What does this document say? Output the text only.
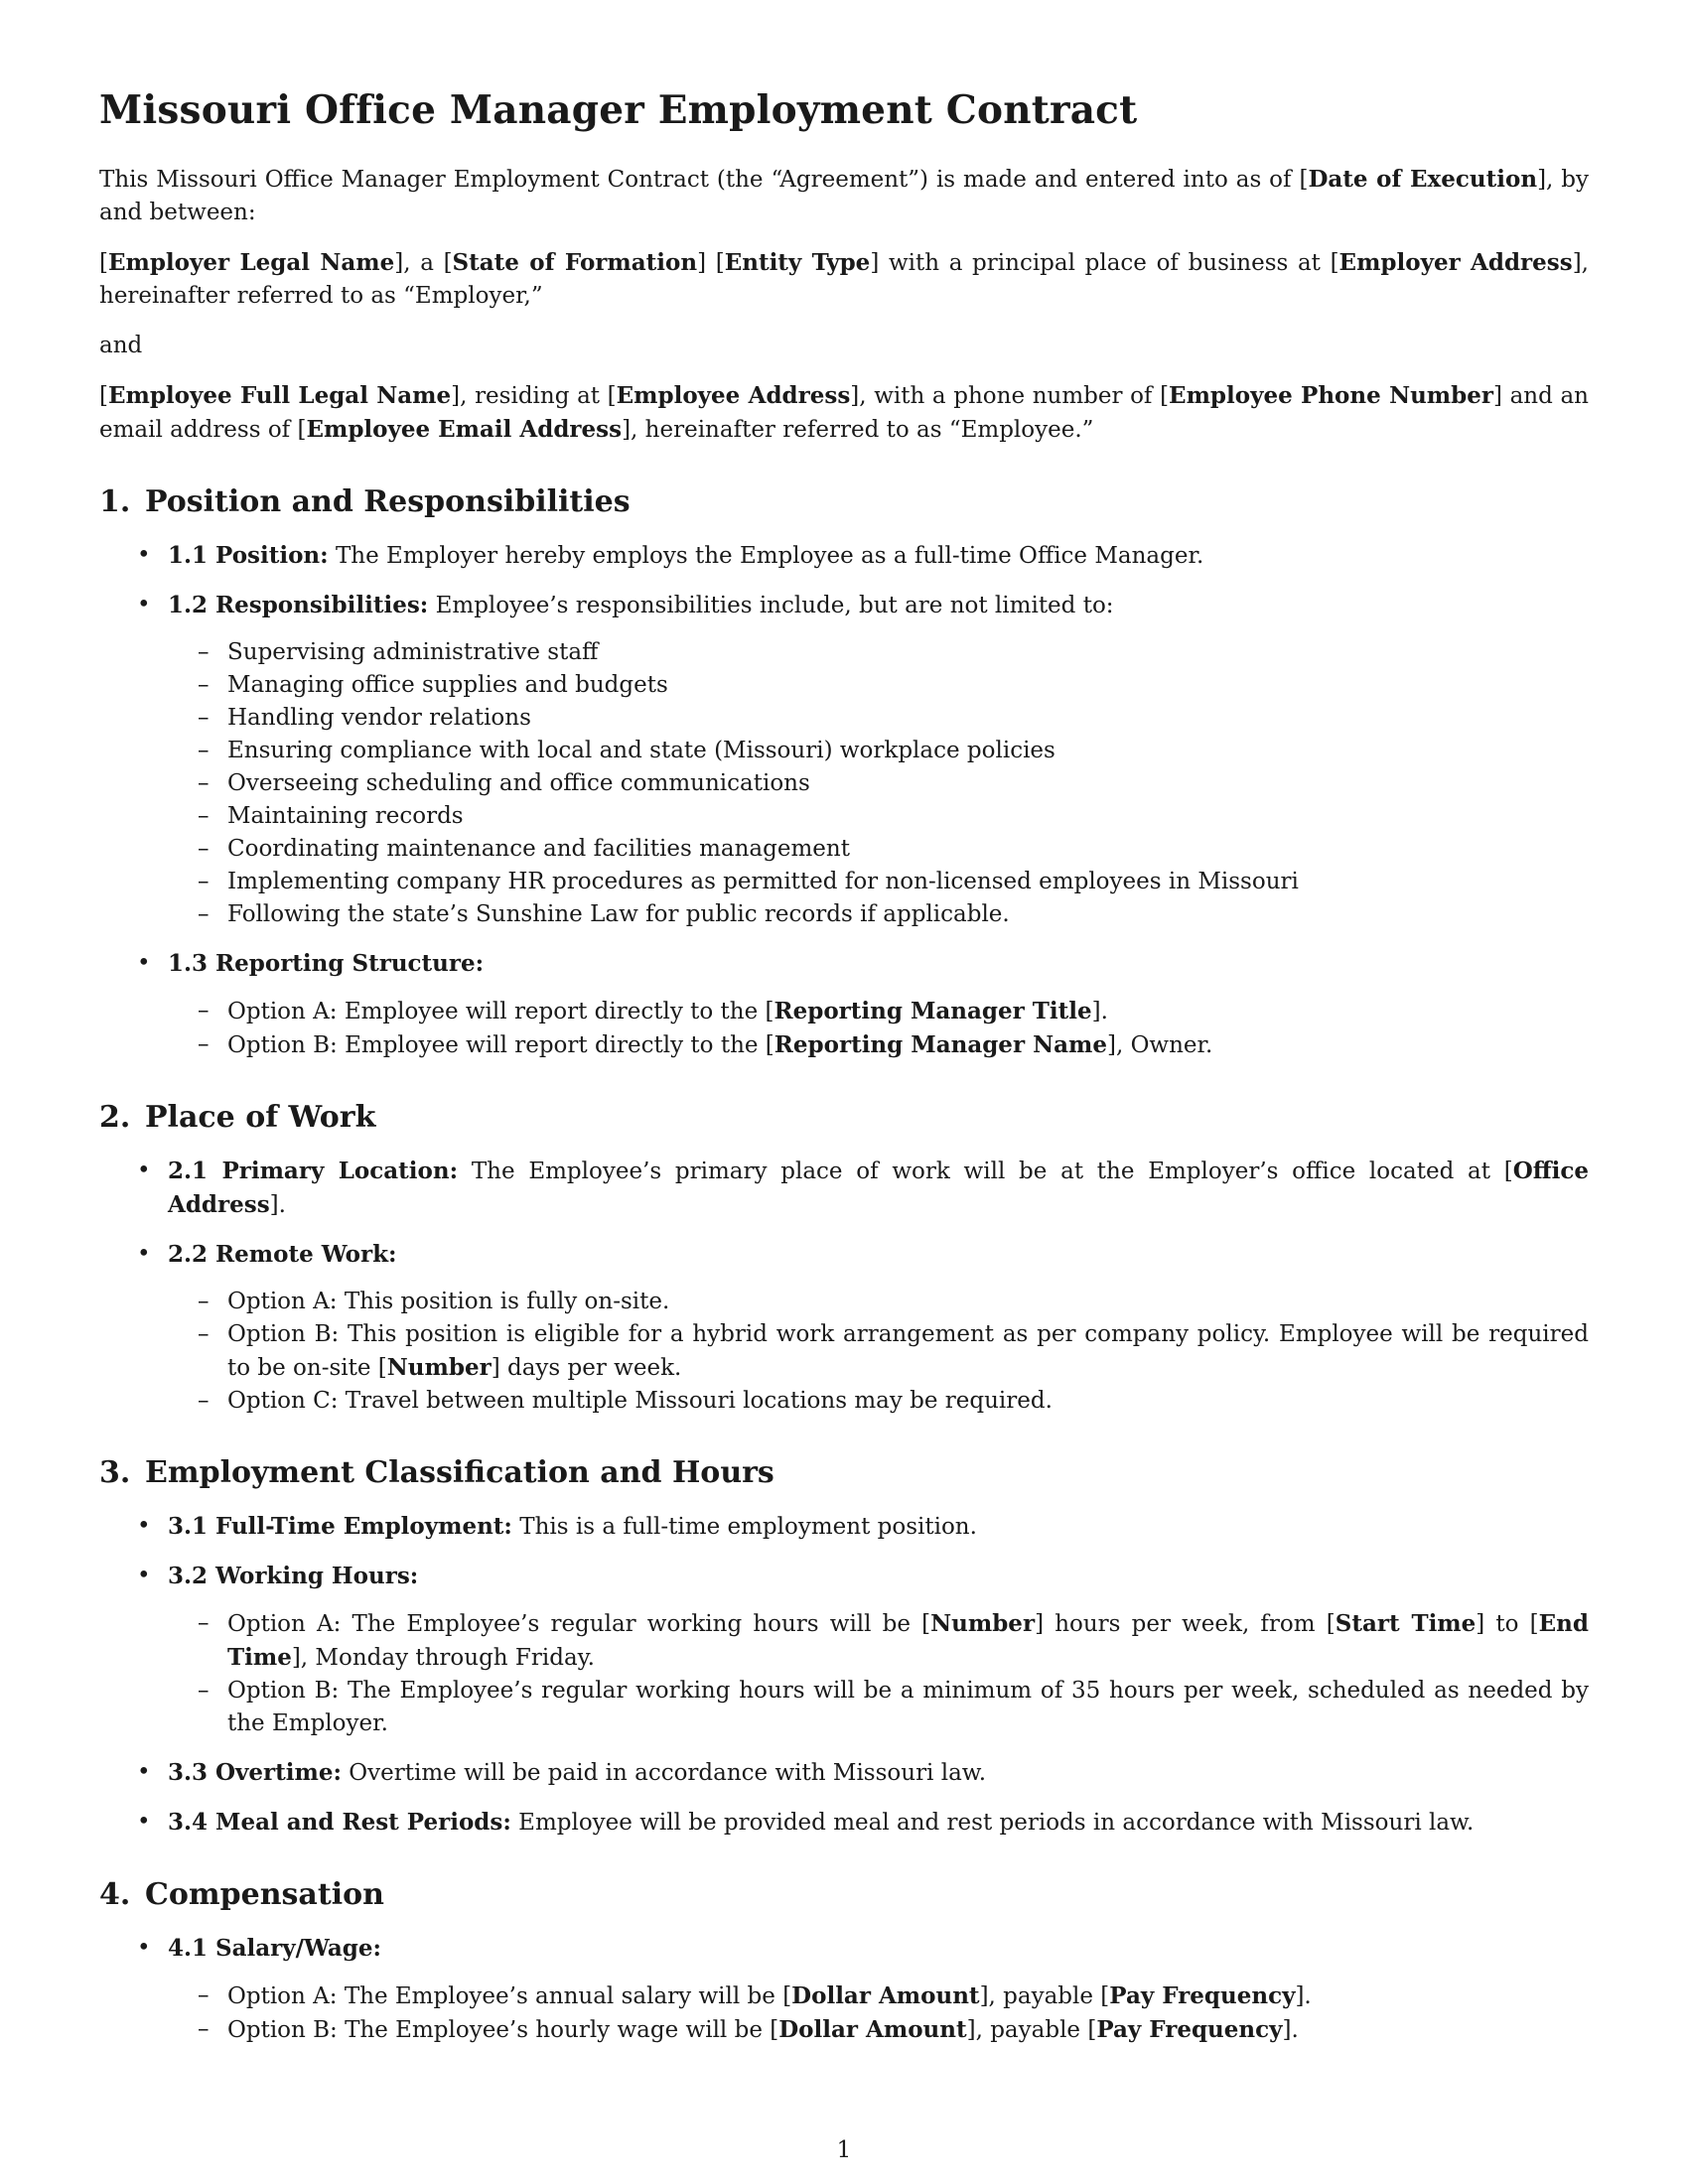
Missouri Office Manager Employment Contract

This Missouri Office Manager Employment Contract (the “Agreement”) is made and entered into as of [Date of Execution], by and between:

[Employer Legal Name], a [State of Formation] [Entity Type] with a principal place of business at [Employer Address], hereinafter referred to as “Employer,”

and

[Employee Full Legal Name], residing at [Employee Address], with a phone number of [Employee Phone Number] and an email address of [Employee Email Address], hereinafter referred to as “Employee.”

1. Position and Responsibilities
• 1.1 Position: The Employer hereby employs the Employee as a full-time Office Manager.
• 1.2 Responsibilities: Employee’s responsibilities include, but are not limited to:
– Supervising administrative staff
– Managing office supplies and budgets
– Handling vendor relations
– Ensuring compliance with local and state (Missouri) workplace policies
– Overseeing scheduling and office communications
– Maintaining records
– Coordinating maintenance and facilities management
– Implementing company HR procedures as permitted for non-licensed employees in Missouri
– Following the state’s Sunshine Law for public records if applicable.
• 1.3 Reporting Structure:
– Option A: Employee will report directly to the [Reporting Manager Title].
– Option B: Employee will report directly to the [Reporting Manager Name], Owner.
2. Place of Work
• 2.1 Primary Location: The Employee’s primary place of work will be at the Employer’s office located at [Office Address].
• 2.2 Remote Work:
– Option A: This position is fully on-site.
– Option B: This position is eligible for a hybrid work arrangement as per company policy. Employee will be required to be on-site [Number] days per week.
– Option C: Travel between multiple Missouri locations may be required.
3. Employment Classification and Hours
• 3.1 Full-Time Employment: This is a full-time employment position.
• 3.2 Working Hours:
– Option A: The Employee’s regular working hours will be [Number] hours per week, from [Start Time] to [End Time], Monday through Friday.
– Option B: The Employee’s regular working hours will be a minimum of 35 hours per week, scheduled as needed by the Employer.
• 3.3 Overtime: Overtime will be paid in accordance with Missouri law.
• 3.4 Meal and Rest Periods: Employee will be provided meal and rest periods in accordance with Missouri law.
4. Compensation
• 4.1 Salary/Wage:
– Option A: The Employee’s annual salary will be [Dollar Amount], payable [Pay Frequency].
– Option B: The Employee’s hourly wage will be [Dollar Amount], payable [Pay Frequency].
1
